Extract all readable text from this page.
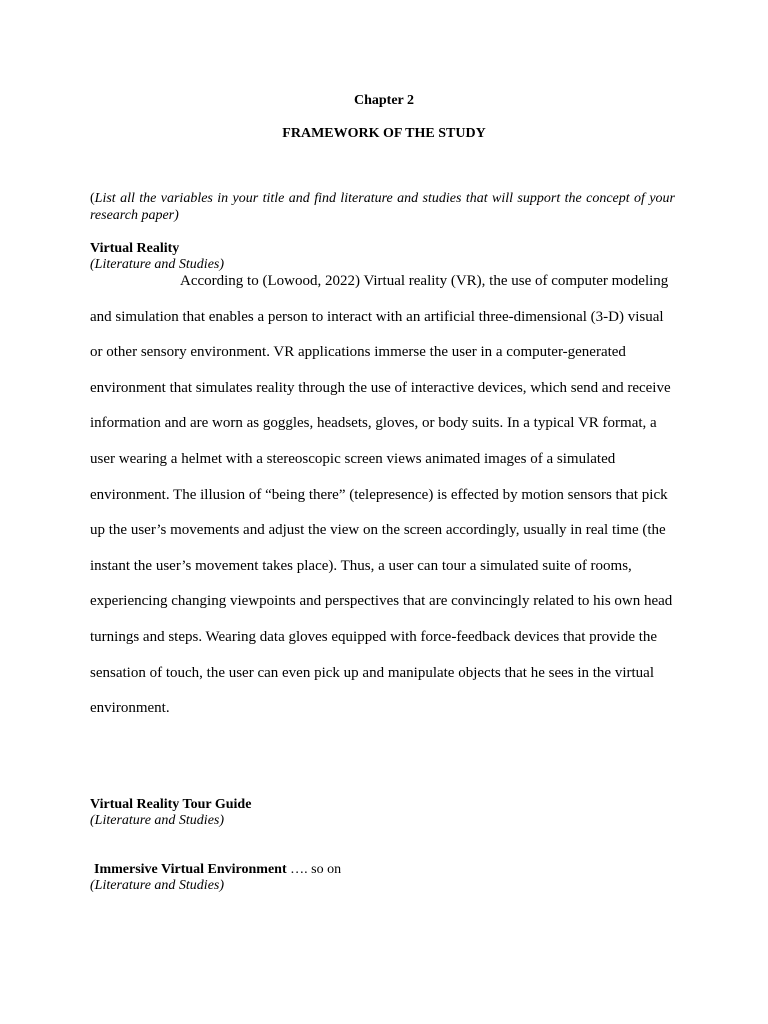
Chapter 2
FRAMEWORK OF THE STUDY
(List all the variables in your title and find literature and studies that will support the concept of your research paper)
Virtual Reality
(Literature and Studies)
According to (Lowood, 2022) Virtual reality (VR), the use of computer modeling
and simulation that enables a person to interact with an artificial three-dimensional (3-D) visual
or other sensory environment. VR applications immerse the user in a computer-generated
environment that simulates reality through the use of interactive devices, which send and receive
information and are worn as goggles, headsets, gloves, or body suits. In a typical VR format, a
user wearing a helmet with a stereoscopic screen views animated images of a simulated
environment. The illusion of “being there” (telepresence) is effected by motion sensors that pick
up the user’s movements and adjust the view on the screen accordingly, usually in real time (the
instant the user’s movement takes place). Thus, a user can tour a simulated suite of rooms,
experiencing changing viewpoints and perspectives that are convincingly related to his own head
turnings and steps. Wearing data gloves equipped with force-feedback devices that provide the
sensation of touch, the user can even pick up and manipulate objects that he sees in the virtual
environment.
Virtual Reality Tour Guide
(Literature and Studies)
Immersive Virtual Environment …. so on
(Literature and Studies)
